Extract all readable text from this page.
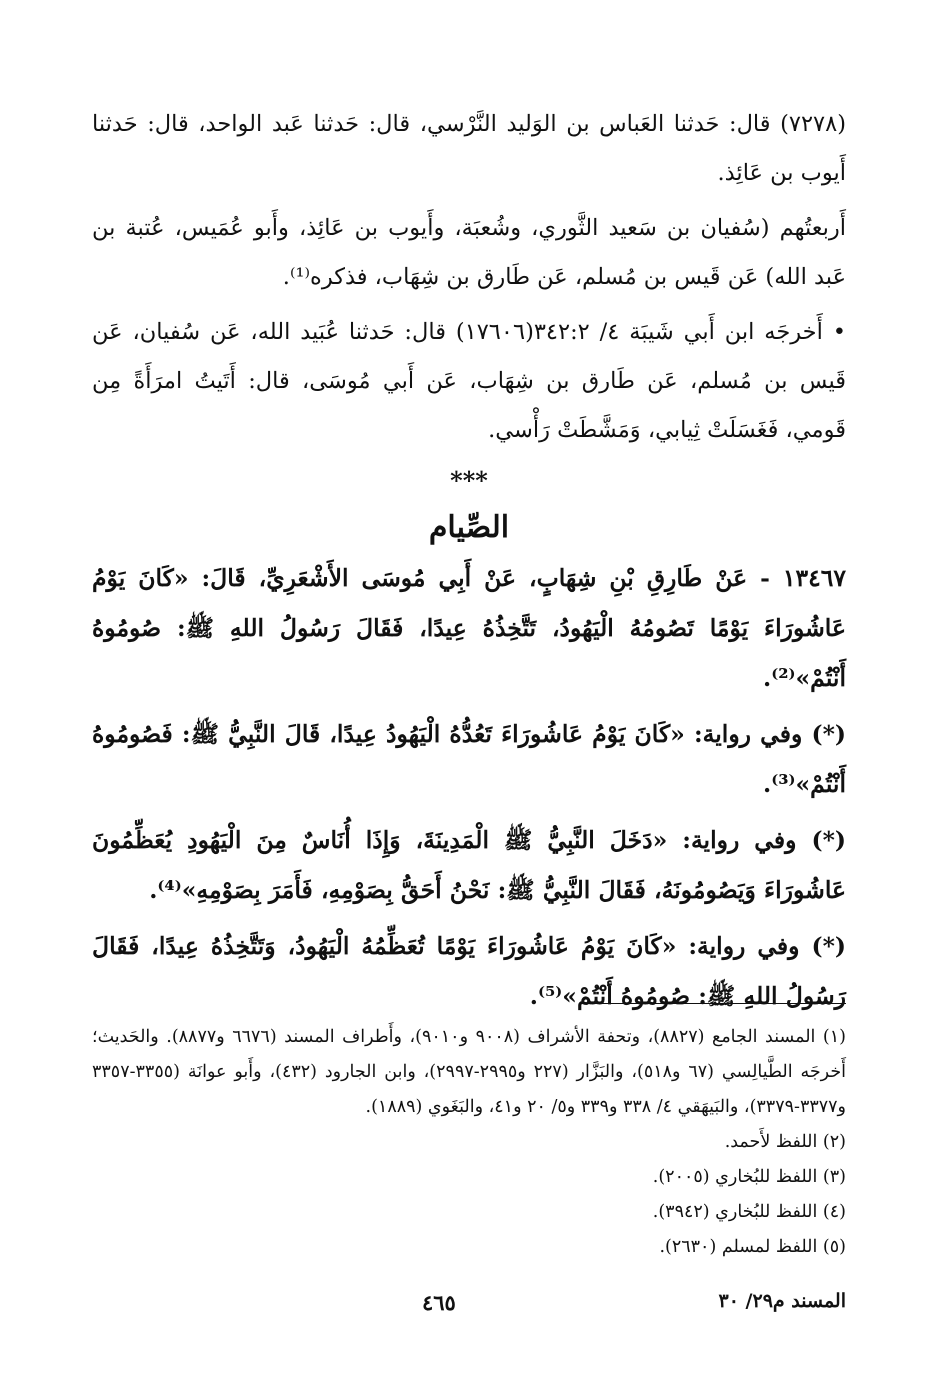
(٧٢٧٨) قال: حَدثنا العَباس بن الوَليد النَّرْسي، قال: حَدثنا عَبد الواحد، قال: حَدثنا أَيوب بن عَائِذ.

أَربعتُهم (سُفيان بن سَعيد الثَّوري، وشُعبَة، وأَيوب بن عَائِذ، وأَبو عُمَيس، عُتبة بن عَبد الله) عَن قَيس بن مُسلم، عَن طَارق بن شِهَاب، فذكره⁽¹⁾.

• أَخرجَه ابن أَبي شَيبَة ٤/ ٣٤٢:٢(١٧٦٠٦) قال: حَدثنا عُبَيد الله، عَن سُفيان، عَن قَيس بن مُسلم، عَن طَارق بن شِهَاب، عَن أَبي مُوسَى، قال: أَتَيتُ امرَأَةً مِن قَومي، فَغَسَلَتْ ثِيابي، وَمَشَّطَتْ رَأْسي.

***

الصِّيام

١٣٤٦٧ - عَنْ طَارِقِ بْنِ شِهَابٍ، عَنْ أَبِي مُوسَى الأَشْعَرِيِّ، قَالَ: «كَانَ يَوْمُ عَاشُورَاءَ يَوْمًا تَصُومُهُ الْيَهُودُ، تَتَّخِذُهُ عِيدًا، فَقَالَ رَسُولُ اللهِ ﷺ: صُومُوهُ أَنْتُمْ»⁽²⁾.

(*) وفي رواية: «كَانَ يَوْمُ عَاشُورَاءَ تَعُدُّهُ الْيَهُودُ عِيدًا، قَالَ النَّبِيُّ ﷺ: فَصُومُوهُ أَنْتُمْ»⁽³⁾.

(*) وفي رواية: «دَخَلَ النَّبِيُّ ﷺ الْمَدِينَةَ، وَإِذَا أُنَاسٌ مِنَ الْيَهُودِ يُعَظِّمُونَ عَاشُورَاءَ وَيَصُومُونَهُ، فَقَالَ النَّبِيُّ ﷺ: نَحْنُ أَحَقُّ بِصَوْمِهِ، فَأَمَرَ بِصَوْمِهِ»⁽⁴⁾.

(*) وفي رواية: «كَانَ يَوْمُ عَاشُورَاءَ يَوْمًا تُعَظِّمُهُ الْيَهُودُ، وَتَتَّخِذُهُ عِيدًا، فَقَالَ رَسُولُ اللهِ ﷺ: صُومُوهُ أَنْتُمْ»⁽⁵⁾.

(١) المسند الجامع (٨٨٢٧)، وتحفة الأشراف (٩٠٠٨ و٩٠١٠)، وأَطراف المسند (٦٦٧٦ و٨٨٧٧). والحَديث؛ أَخرجَه الطَّيالِسي (٦٧ و٥١٨)، والبَزَّار (٢٢٧ و٢٩٩٥-٢٩٩٧)، وابن الجارود (٤٣٢)، وأَبو عوانَة (٣٣٥٥-٣٣٥٧ و٣٣٧٧-٣٣٧٩)، والبَيهَقي ٤/ ٣٣٨ و٣٣٩ و٥/ ٢٠ و٤١، والبَغَوي (١٨٨٩).

(٢) اللفظ لأَحمد.

(٣) اللفظ للبُخاري (٢٠٠٥).

(٤) اللفظ للبُخاري (٣٩٤٢).

(٥) اللفظ لمسلم (٢٦٣٠).

المسند م٢٩/ ٣٠
٤٦٥
